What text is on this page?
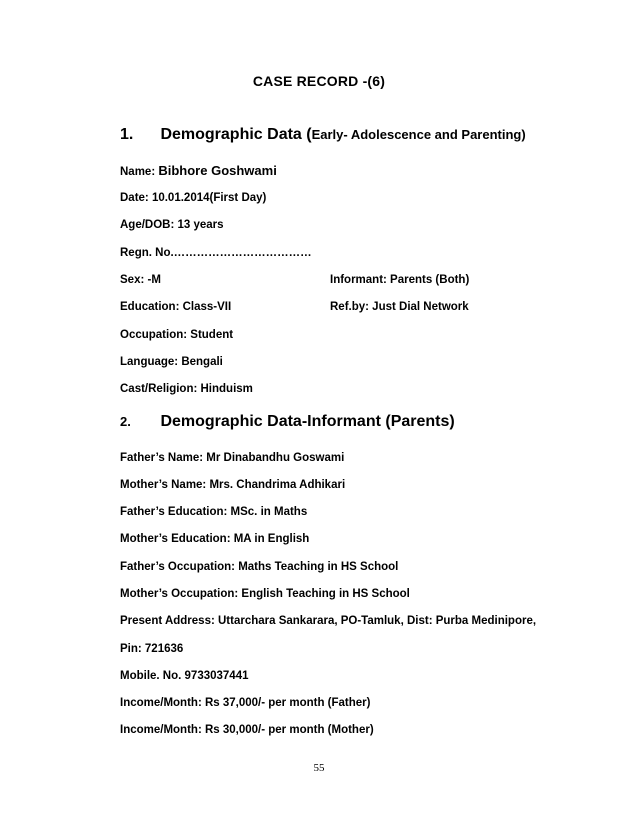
CASE RECORD -(6)
1. Demographic Data (Early- Adolescence and Parenting)
Name: Bibhore Goshwami
Date: 10.01.2014(First Day)
Age/DOB: 13 years
Regn. No.………………………………
Sex: -M	Informant: Parents (Both)
Education: Class-VII	Ref.by: Just Dial Network
Occupation: Student
Language: Bengali
Cast/Religion: Hinduism
2. Demographic Data-Informant (Parents)
Father’s Name: Mr Dinabandhu Goswami
Mother’s Name: Mrs. Chandrima Adhikari
Father’s Education: MSc. in Maths
Mother’s Education: MA in English
Father’s Occupation: Maths Teaching in HS School
Mother’s Occupation: English Teaching in HS School
Present Address: Uttarchara Sankarara, PO-Tamluk, Dist: Purba Medinipore,
Pin: 721636
Mobile. No. 9733037441
Income/Month: Rs 37,000/- per month (Father)
Income/Month: Rs 30,000/- per month (Mother)
55
